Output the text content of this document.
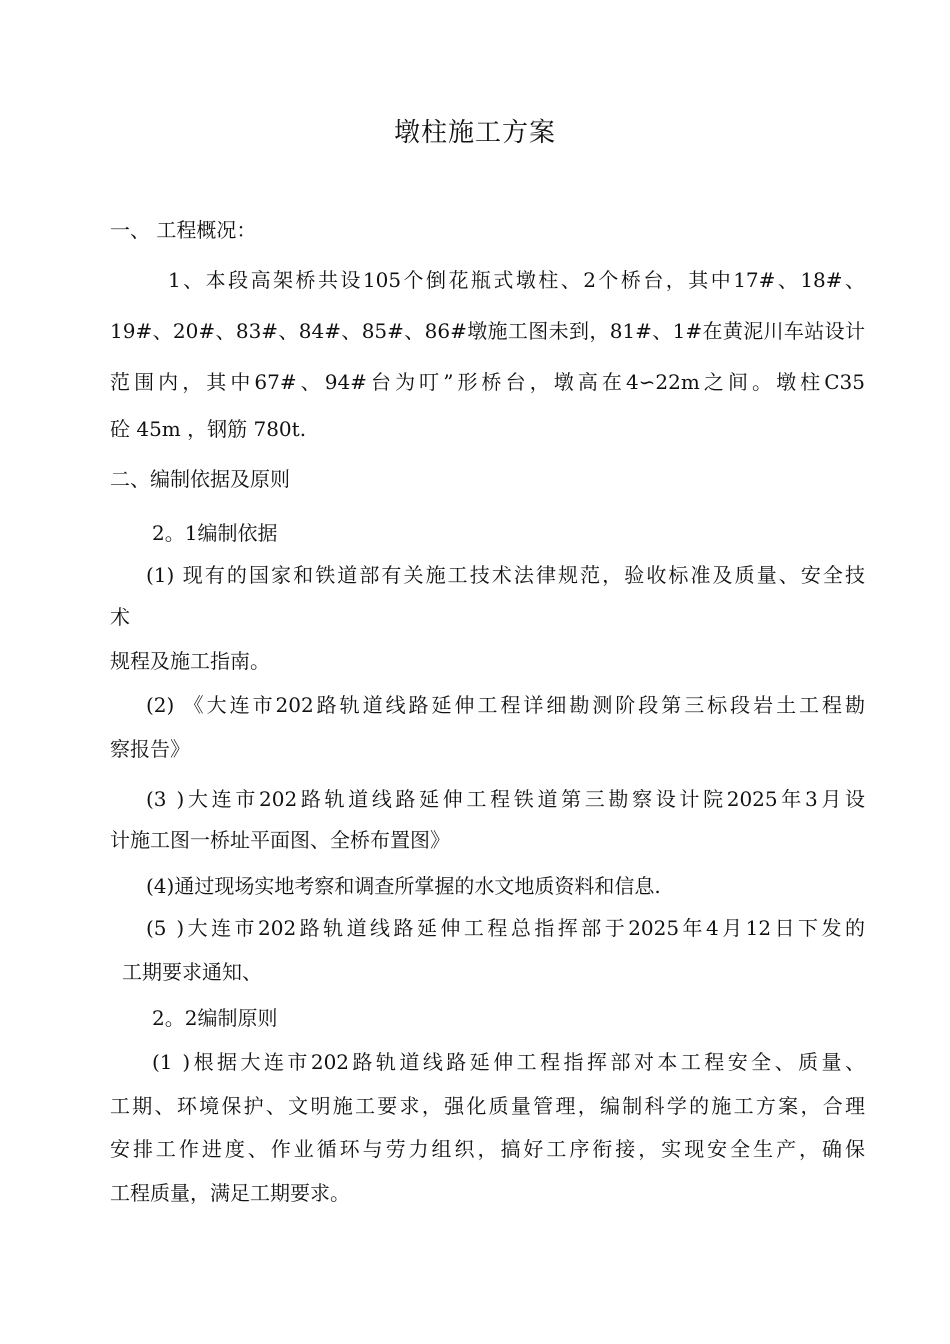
墩柱施工方案
一、 工程概况：
1、本段高架桥共设105个倒花瓶式墩柱、2个桥台，其中17#、18#、
19#、20#、83#、84#、85#、86#墩施工图未到，81#、1#在黄泥川车站设计
范围内，其中67#、94#台为叮”形桥台，墩高在4∽22m之间。墩柱C35
砼 45m ，钢筋 780t.
二、编制依据及原则
2。1编制依据
(1) 现有的国家和铁道部有关施工技术法律规范，验收标准及质量、安全技
术
规程及施工指南。
(2) 《大连市202路轨道线路延伸工程详细勘测阶段第三标段岩土工程勘
察报告》
(3 )大连市202路轨道线路延伸工程铁道第三勘察设计院2025年3月设
计施工图一桥址平面图、全桥布置图》
(4)通过现场实地考察和调查所掌握的水文地质资料和信息.
(5 )大连市202路轨道线路延伸工程总指挥部于2025年4月12日下发的
工期要求通知、
2。2编制原则
(1 )根据大连市202路轨道线路延伸工程指挥部对本工程安全、质量、
工期、环境保护、文明施工要求，强化质量管理，编制科学的施工方案，合理
安排工作进度、作业循环与劳力组织，搞好工序衔接，实现安全生产，确保
工程质量，满足工期要求。
